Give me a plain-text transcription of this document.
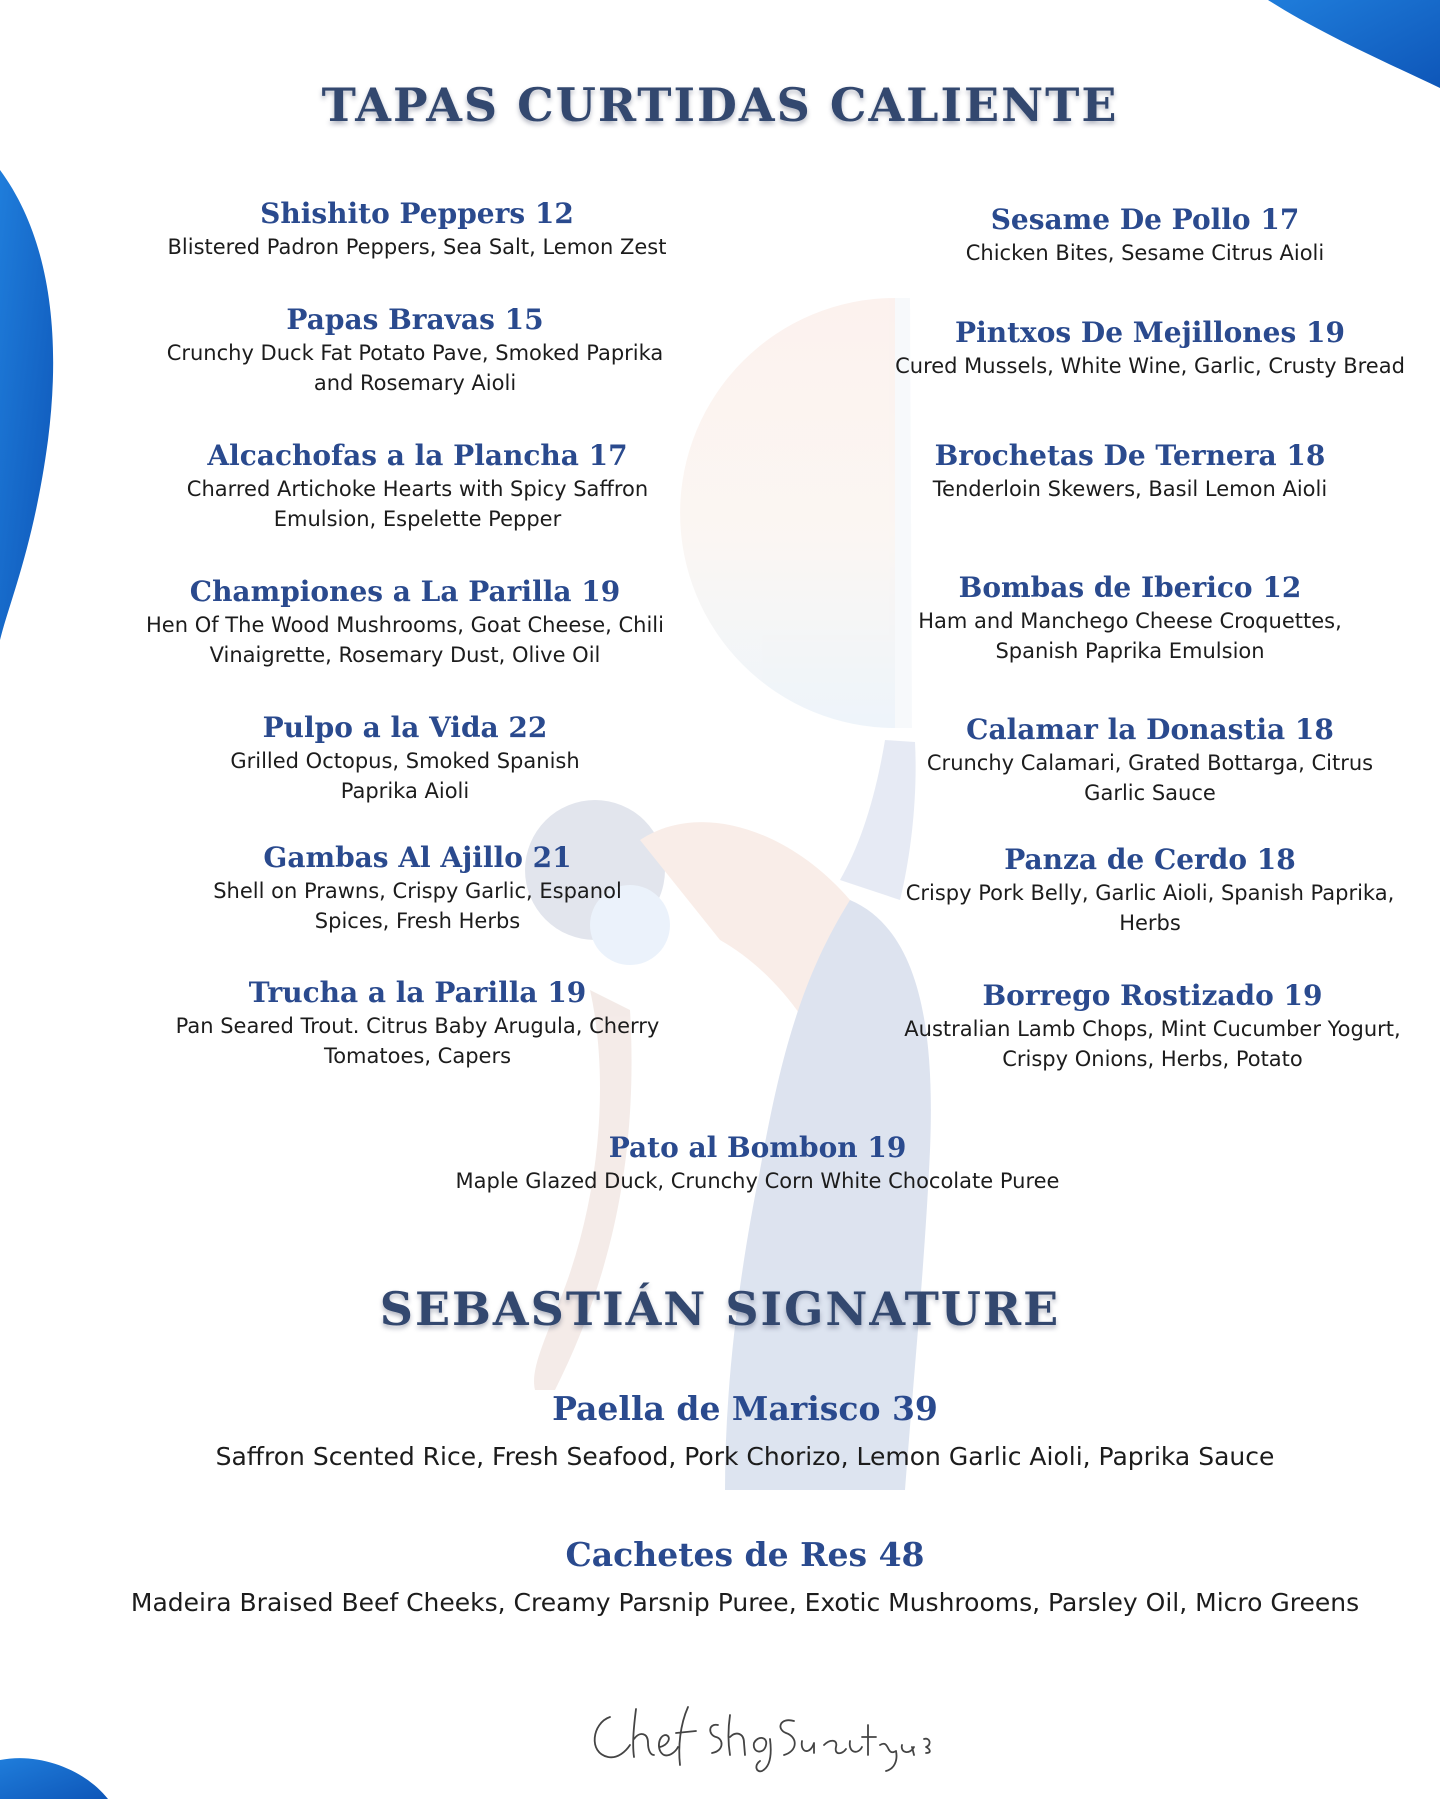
TAPAS CURTIDAS CALIENTE
Shishito Peppers 12
Blistered Padron Peppers, Sea Salt, Lemon Zest
Papas Bravas 15
Crunchy Duck Fat Potato Pave, Smoked Paprika and Rosemary Aioli
Alcachofas a la Plancha 17
Charred Artichoke Hearts with Spicy Saffron Emulsion, Espelette Pepper
Championes a La Parilla 19
Hen Of The Wood Mushrooms, Goat Cheese, Chili Vinaigrette, Rosemary Dust, Olive Oil
Pulpo a la Vida 22
Grilled Octopus, Smoked Spanish Paprika Aioli
Gambas Al Ajillo 21
Shell on Prawns, Crispy Garlic, Espanol Spices, Fresh Herbs
Trucha a la Parilla 19
Pan Seared Trout. Citrus Baby Arugula, Cherry Tomatoes, Capers
Sesame De Pollo 17
Chicken Bites, Sesame Citrus Aioli
Pintxos De Mejillones 19
Cured Mussels, White Wine, Garlic, Crusty Bread
Brochetas De Ternera 18
Tenderloin Skewers, Basil Lemon Aioli
Bombas de Iberico 12
Ham and Manchego Cheese Croquettes, Spanish Paprika Emulsion
Calamar la Donastia 18
Crunchy Calamari, Grated Bottarga, Citrus Garlic Sauce
Panza de Cerdo 18
Crispy Pork Belly, Garlic Aioli, Spanish Paprika, Herbs
Borrego Rostizado 19
Australian Lamb Chops, Mint Cucumber Yogurt, Crispy Onions, Herbs, Potato
Pato al Bombon 19
Maple Glazed Duck, Crunchy Corn White Chocolate Puree
SEBASTIÁN SIGNATURE
Paella de Marisco 39
Saffron Scented Rice, Fresh Seafood, Pork Chorizo, Lemon Garlic Aioli, Paprika Sauce
Cachetes de Res 48
Madeira Braised Beef Cheeks, Creamy Parsnip Puree, Exotic Mushrooms, Parsley Oil, Micro Greens
